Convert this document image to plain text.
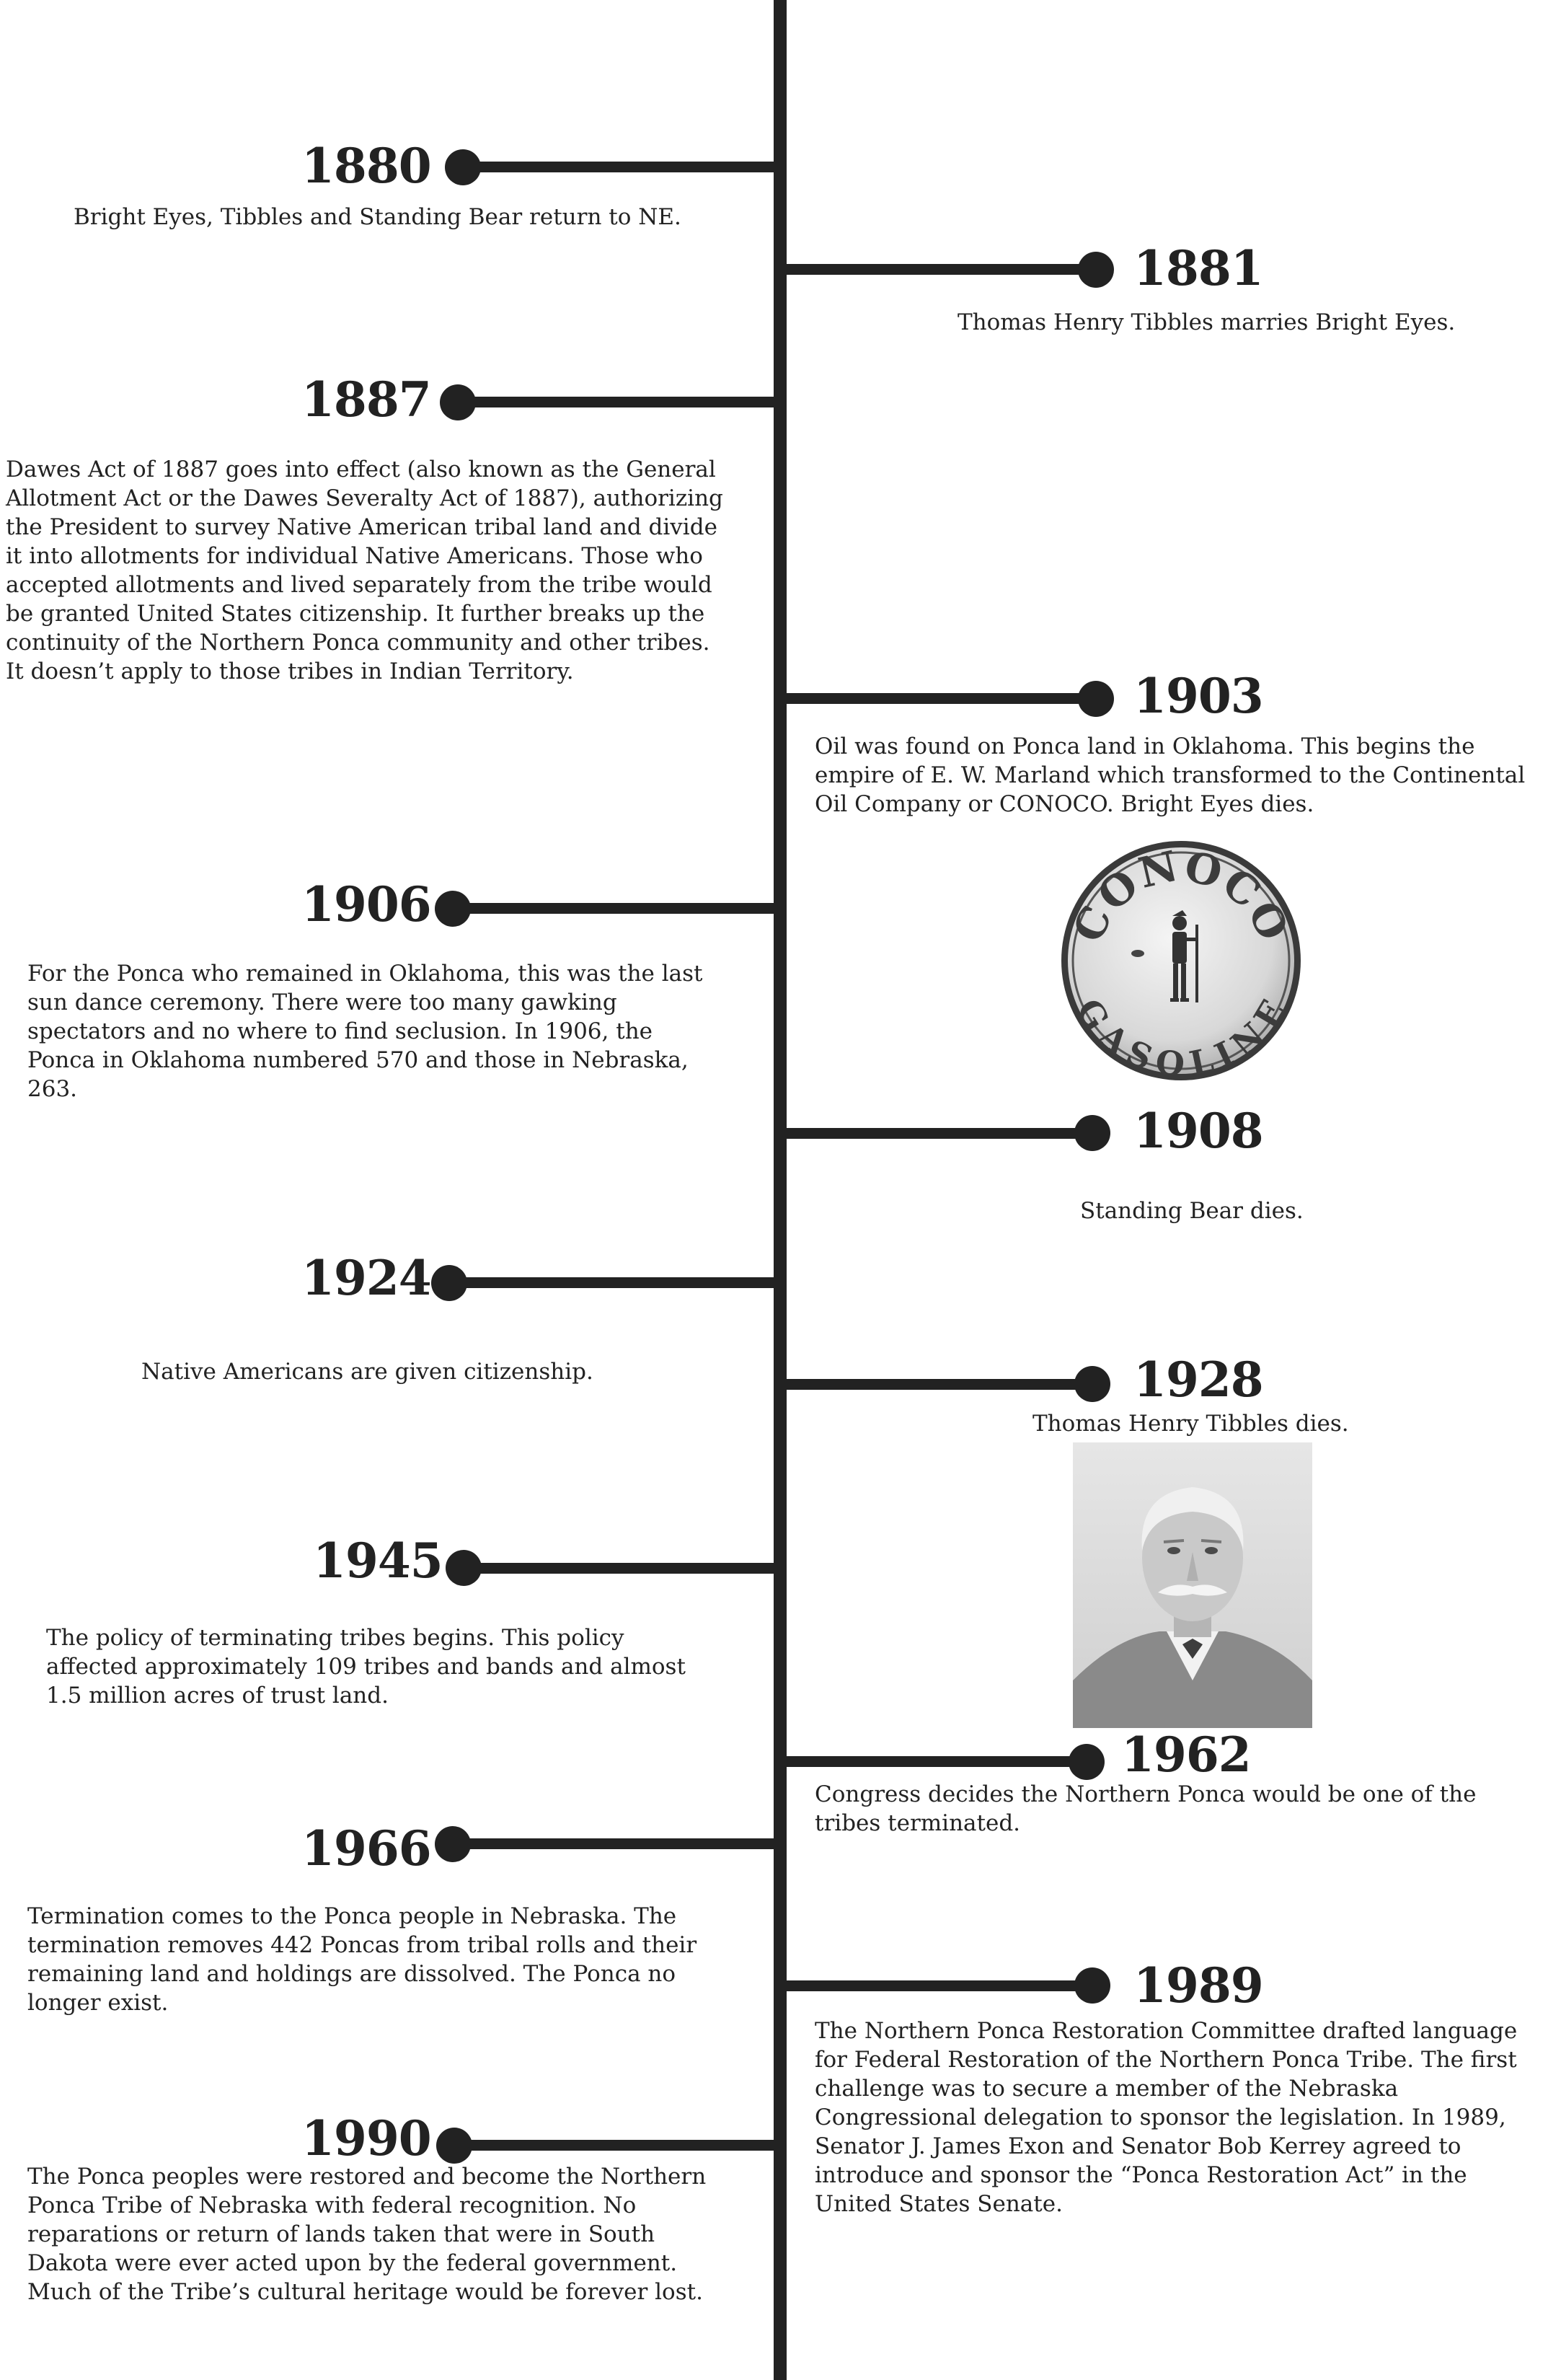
1880

Bright Eyes, Tibbles and Standing Bear return to NE.

1881

Thomas Henry Tibbles marries Bright Eyes.

1887

Dawes Act of 1887 goes into effect (also known as the General Allotment Act or the Dawes Severalty Act of 1887), authorizing the President to survey Native American tribal land and divide it into allotments for individual Native Americans. Those who accepted allotments and lived separately from the tribe would be granted United States citizenship. It further breaks up the continuity of the Northern Ponca community and other tribes. It doesn’t apply to those tribes in Indian Territory.	1903

Oil was found on Ponca land in Oklahoma. This begins the empire of E. W. Marland which transformed to the Continental Oil Company or CONOCO. Bright Eyes dies.

CONOCO
GASOLINE
1906

For the Ponca who remained in Oklahoma, this was the last sun dance ceremony. There were too many gawking spectators and no where to find seclusion. In 1906, the Ponca in Oklahoma numbered 570 and those in Nebraska, 263.

1908

Standing Bear dies.

1924

Native Americans are given citizenship.	1928

Thomas Henry Tibbles dies.

1945

The policy of terminating tribes begins. This policy affected approximately 109 tribes and bands and almost 1.5 million acres of trust land.

1962

Congress decides the Northern Ponca would be one of the tribes terminated.

1966

Termination comes to the Ponca people in Nebraska. The termination removes 442 Poncas from tribal rolls and their remaining land and holdings are dissolved. The Ponca no longer exist.	1989

The Northern Ponca Restoration Committee drafted language for Federal Restoration of the Northern Ponca Tribe. The first challenge was to secure a member of the Nebraska Congressional delegation to sponsor the legislation. In 1989, Senator J. James Exon and Senator Bob Kerrey agreed to introduce and sponsor the “Ponca Restoration Act” in the United States Senate.

1990

The Ponca peoples were restored and become the Northern Ponca Tribe of Nebraska with federal recognition. No reparations or return of lands taken that were in South Dakota were ever acted upon by the federal government. Much of the Tribe’s cultural heritage would be forever lost.
